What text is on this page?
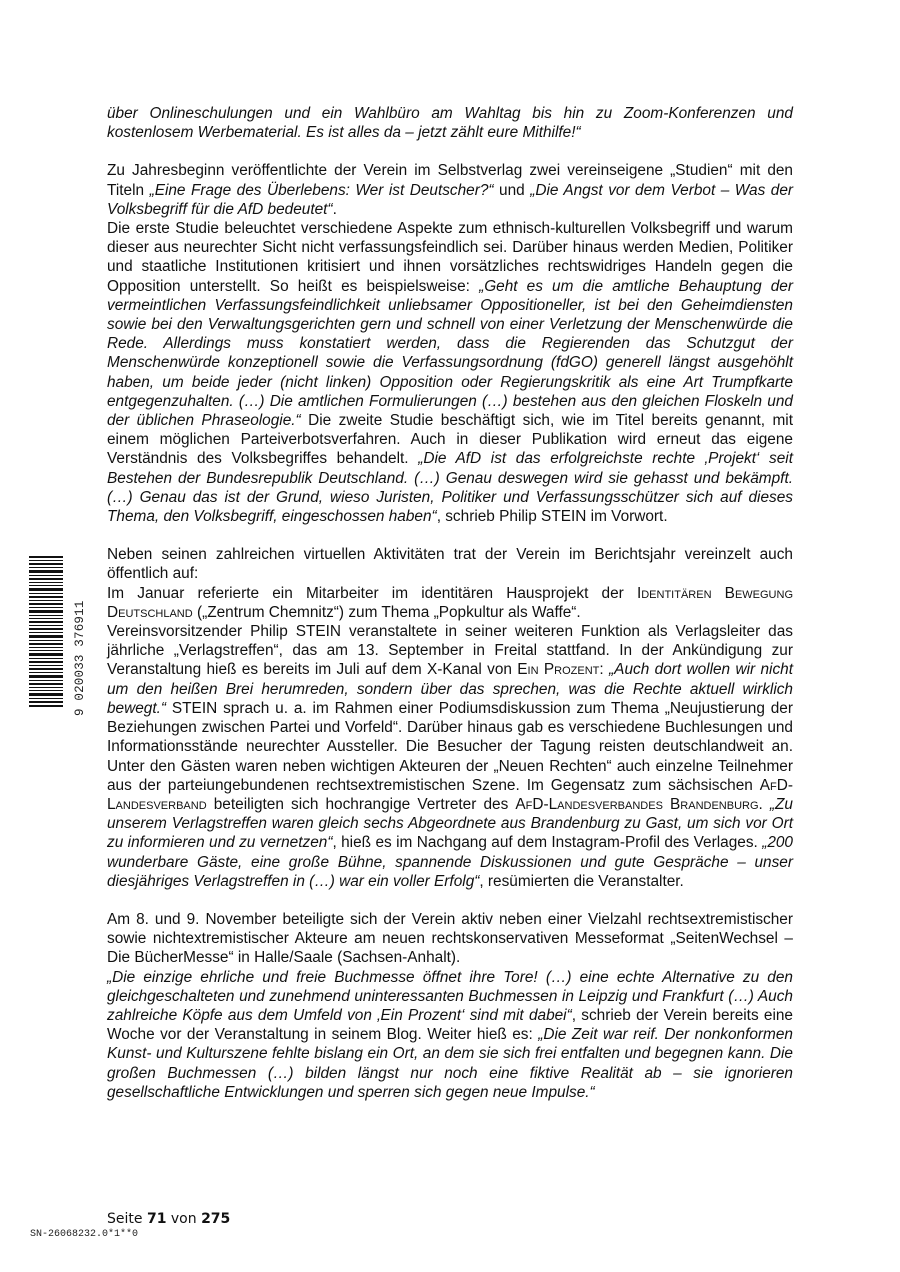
über Onlineschulungen und ein Wahlbüro am Wahltag bis hin zu Zoom-Konferenzen und kostenlosem Werbematerial. Es ist alles da – jetzt zählt eure Mithilfe!“

Zu Jahresbeginn veröffentlichte der Verein im Selbstverlag zwei vereinseigene „Studien“ mit den Titeln „Eine Frage des Überlebens: Wer ist Deutscher?“ und „Die Angst vor dem Verbot – Was der Volksbegriff für die AfD bedeutet“.

Die erste Studie beleuchtet verschiedene Aspekte zum ethnisch-kulturellen Volksbegriff und warum dieser aus neurechter Sicht nicht verfassungsfeindlich sei. Darüber hinaus werden Medien, Politiker und staatliche Institutionen kritisiert und ihnen vorsätzliches rechtswidriges Handeln gegen die Opposition unterstellt. So heißt es beispielsweise: „Geht es um die amtliche Behauptung der vermeintlichen Verfassungsfeindlichkeit unliebsamer Oppositioneller, ist bei den Geheimdiensten sowie bei den Verwaltungsgerichten gern und schnell von einer Verletzung der Menschenwürde die Rede. Allerdings muss konstatiert werden, dass die Regierenden das Schutzgut der Menschenwürde konzeptionell sowie die Verfassungsordnung (fdGO) generell längst ausgehöhlt haben, um beide jeder (nicht linken) Opposition oder Regierungskritik als eine Art Trumpfkarte entgegenzuhalten. (…) Die amtlichen Formulierungen (…) bestehen aus den gleichen Floskeln und der üblichen Phraseologie.“ Die zweite Studie beschäftigt sich, wie im Titel bereits genannt, mit einem möglichen Parteiverbotsverfahren. Auch in dieser Publikation wird erneut das eigene Verständnis des Volksbegriffes behandelt. „Die AfD ist das erfolgreichste rechte ‚Projekt‘ seit Bestehen der Bundesrepublik Deutschland. (…) Genau deswegen wird sie gehasst und bekämpft. (…) Genau das ist der Grund, wieso Juristen, Politiker und Verfassungsschützer sich auf dieses Thema, den Volksbegriff, eingeschossen haben“, schrieb Philip STEIN im Vorwort.

Neben seinen zahlreichen virtuellen Aktivitäten trat der Verein im Berichtsjahr vereinzelt auch öffentlich auf:

Im Januar referierte ein Mitarbeiter im identitären Hausprojekt der Identitären Bewegung Deutschland („Zentrum Chemnitz“) zum Thema „Popkultur als Waffe“.

Vereinsvorsitzender Philip STEIN veranstaltete in seiner weiteren Funktion als Verlagsleiter das jährliche „Verlagstreffen“, das am 13. September in Freital stattfand. In der Ankündigung zur Veranstaltung hieß es bereits im Juli auf dem X-Kanal von Ein Prozent: „Auch dort wollen wir nicht um den heißen Brei herumreden, sondern über das sprechen, was die Rechte aktuell wirklich bewegt.“ STEIN sprach u. a. im Rahmen einer Podiumsdiskussion zum Thema „Neujustierung der Beziehungen zwischen Partei und Vorfeld“. Darüber hinaus gab es verschiedene Buchlesungen und Informationsstände neurechter Aussteller. Die Besucher der Tagung reisten deutschlandweit an. Unter den Gästen waren neben wichtigen Akteuren der „Neuen Rechten“ auch einzelne Teilnehmer aus der parteiungebundenen rechtsextremistischen Szene. Im Gegensatz zum sächsischen AfD-Landesverband beteiligten sich hochrangige Vertreter des AfD-Landesverbandes Brandenburg. „Zu unserem Verlagstreffen waren gleich sechs Abgeordnete aus Brandenburg zu Gast, um sich vor Ort zu informieren und zu vernetzen“, hieß es im Nachgang auf dem Instagram-Profil des Verlages. „200 wunderbare Gäste, eine große Bühne, spannende Diskussionen und gute Gespräche – unser diesjähriges Verlagstreffen in (…) war ein voller Erfolg“, resümierten die Veranstalter.

Am 8. und 9. November beteiligte sich der Verein aktiv neben einer Vielzahl rechtsextremistischer sowie nichtextremistischer Akteure am neuen rechtskonservativen Messeformat „SeitenWechsel – Die BücherMesse“ in Halle/Saale (Sachsen-Anhalt).

„Die einzige ehrliche und freie Buchmesse öffnet ihre Tore! (…) eine echte Alternative zu den gleichgeschalteten und zunehmend uninteressanten Buchmessen in Leipzig und Frankfurt (…) Auch zahlreiche Köpfe aus dem Umfeld von ‚Ein Prozent‘ sind mit dabei“, schrieb der Verein bereits eine Woche vor der Veranstaltung in seinem Blog. Weiter hieß es: „Die Zeit war reif. Der nonkonformen Kunst- und Kulturszene fehlte bislang ein Ort, an dem sie sich frei entfalten und begegnen kann. Die großen Buchmessen (…) bilden längst nur noch eine fiktive Realität ab – sie ignorieren gesellschaftliche Entwicklungen und sperren sich gegen neue Impulse.“

9 020033 376911
Seite 71 von 275
SN-26068232.0*1**0
